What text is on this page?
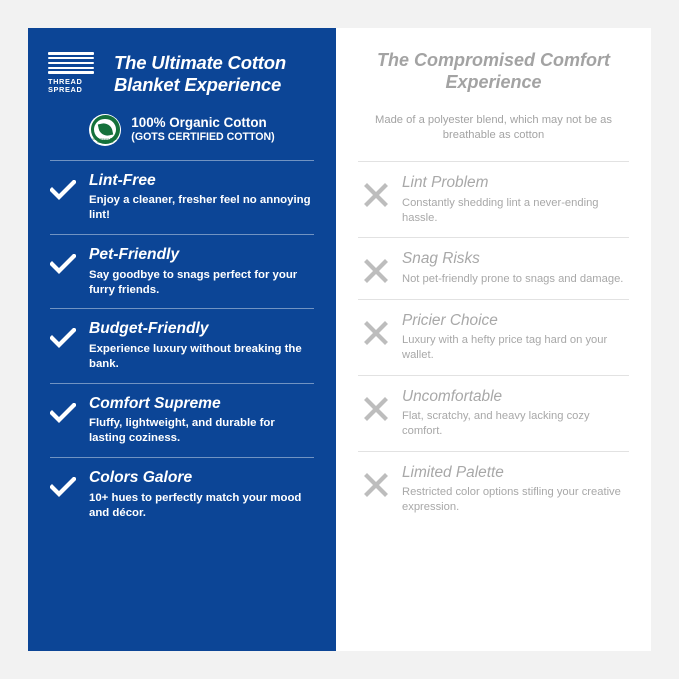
THREAD
SPREAD
The Ultimate Cotton Blanket Experience
Certified Organic Cotton by Control Union
100% Organic Cotton
(GOTS CERTIFIED COTTON)
Lint-Free
Enjoy a cleaner, fresher feel no annoying lint!
Pet-Friendly
Say goodbye to snags perfect for your furry friends.
Budget-Friendly
Experience luxury without breaking the bank.
Comfort Supreme
Fluffy, lightweight, and durable for lasting coziness.
Colors Galore
10+ hues to perfectly match your mood and décor.
The Compromised Comfort Experience
Made of a polyester blend, which may not be as breathable as cotton
Lint Problem
Constantly shedding lint a never-ending hassle.
Snag Risks
Not pet-friendly prone to snags and damage.
Pricier Choice
Luxury with a hefty price tag hard on your wallet.
Uncomfortable
Flat, scratchy, and heavy lacking cozy comfort.
Limited Palette
Restricted color options stifling your creative expression.
